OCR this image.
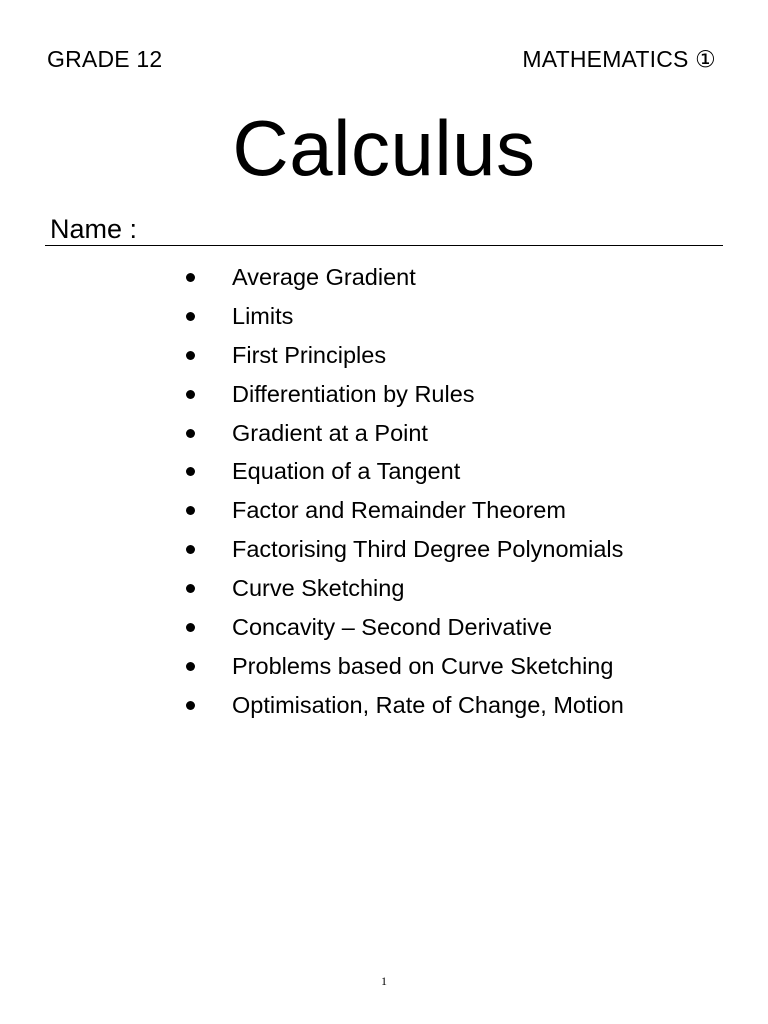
GRADE 12	MATHEMATICS ①
Calculus
Name :
Average Gradient
Limits
First Principles
Differentiation by Rules
Gradient at a Point
Equation of a Tangent
Factor and Remainder Theorem
Factorising Third Degree Polynomials
Curve Sketching
Concavity – Second Derivative
Problems based on Curve Sketching
Optimisation, Rate of Change, Motion
1
